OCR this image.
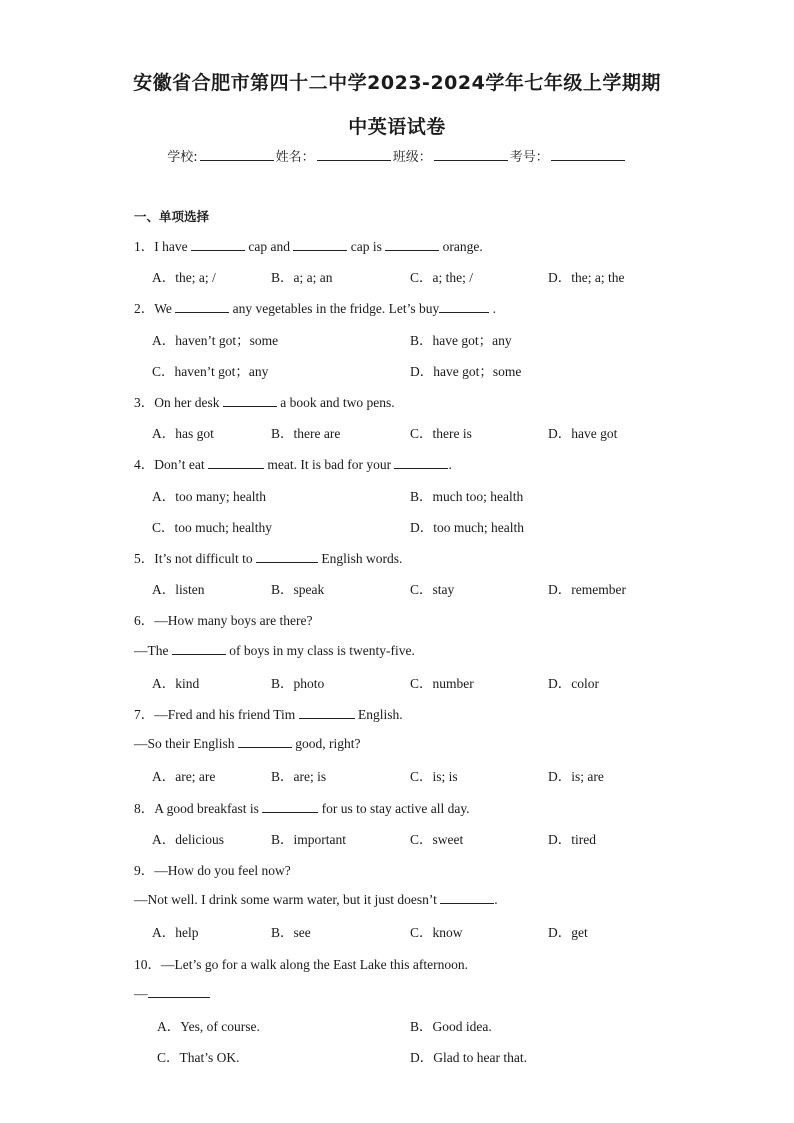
安徽省合肥市第四十二中学2023-2024学年七年级上学期期
中英语试卷
学校:	姓名：	班级：	考号：
一、单项选择
1．I have	cap and	cap is	orange.
A．the; a; /	B．a; a; an	C．a; the; /	D．the; a; the
2．We	any vegetables in the fridge. Let’s buy	.
A．haven’t got；some	B．have got；any
C．haven’t got；any	D．have got；some
3．On her desk	a book and two pens.
A．has got	B．there are	C．there is	D．have got
4．Don’t eat	meat. It is bad for your	.
A．too many; health	B．much too; health
C．too much; healthy	D．too much; health
5．It’s not difficult to	English words.
A．listen	B．speak	C．stay	D．remember
6．—How many boys are there?
—The	of boys in my class is twenty-five.
A．kind	B．photo	C．number	D．color
7．—Fred and his friend Tim	English.
—So their English	good, right?
A．are; are	B．are; is	C．is; is	D．is; are
8．A good breakfast is	for us to stay active all day.
A．delicious	B．important	C．sweet	D．tired
9．—How do you feel now?
—Not well. I drink some warm water, but it just doesn’t	.
A．help	B．see	C．know	D．get
10．—Let’s go for a walk along the East Lake this afternoon.
—
A．Yes, of course.	B．Good idea.
C．That’s OK.	D．Glad to hear that.
